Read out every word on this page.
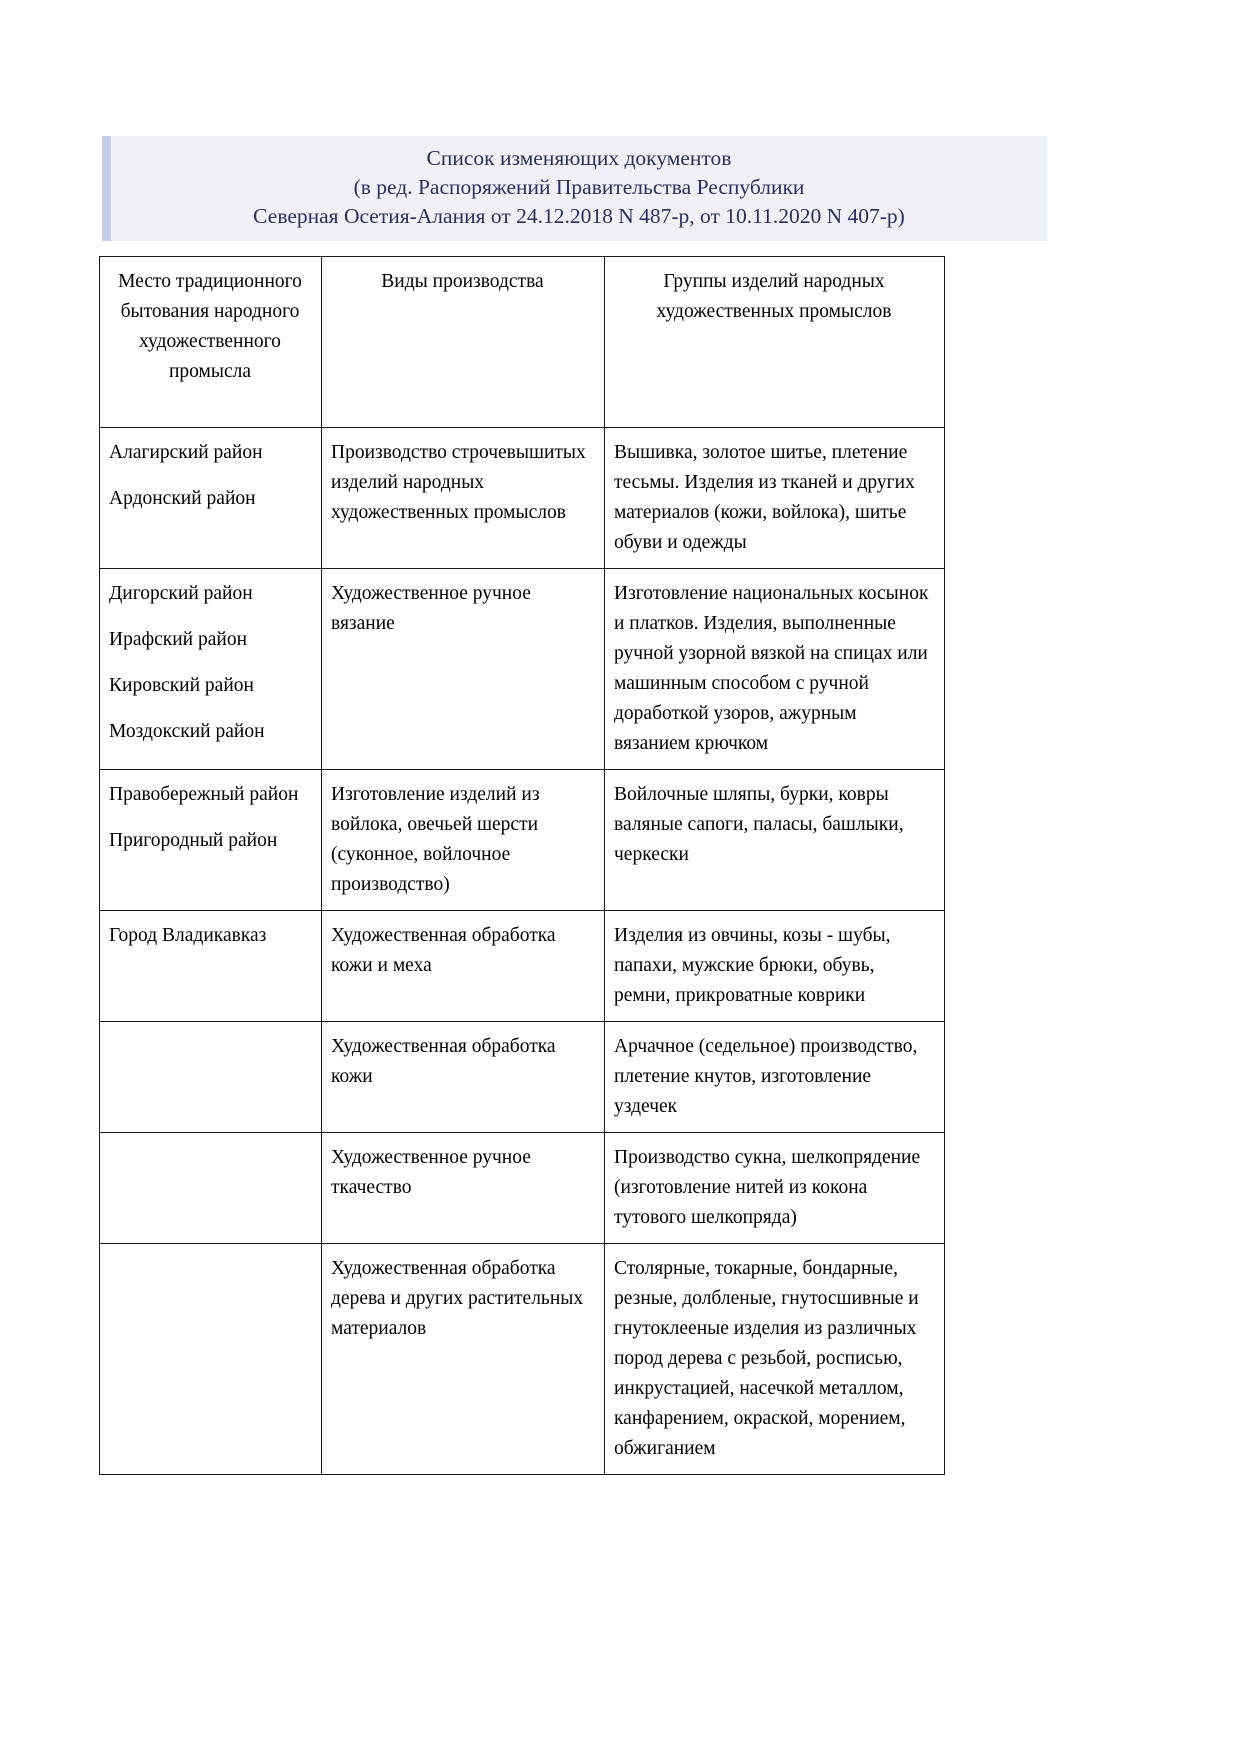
Список изменяющих документов
(в ред. Распоряжений Правительства Республики
Северная Осетия-Алания от 24.12.2018 N 487-р, от 10.11.2020 N 407-р)
Место традиционного бытования народного художественного промысла	Виды производства	Группы изделий народных художественных промыслов

Алагирский район
Ардонский район	Производство строчевышитых изделий народных художественных промыслов	Вышивка, золотое шитье, плетение тесьмы. Изделия из тканей и других материалов (кожи, войлока), шитье обуви и одежды

Дигорский район
Ирафский район
Кировский район
Моздокский район	Художественное ручное вязание	Изготовление национальных косынок и платков. Изделия, выполненные ручной узорной вязкой на спицах или машинным способом с ручной доработкой узоров, ажурным вязанием крючком

Правобережный район
Пригородный район	Изготовление изделий из войлока, овечьей шерсти (суконное, войлочное производство)	Войлочные шляпы, бурки, ковры валяные сапоги, паласы, башлыки, черкески

Город Владикавказ	Художественная обработка кожи и меха	Изделия из овчины, козы - шубы, папахи, мужские брюки, обувь, ремни, прикроватные коврики
	Художественная обработка кожи	Арчачное (седельное) производство, плетение кнутов, изготовление уздечек
	Художественное ручное ткачество	Производство сукна, шелкопрядение (изготовление нитей из кокона тутового шелкопряда)
	Художественная обработка дерева и других растительных материалов	Столярные, токарные, бондарные, резные, долбленые, гнутосшивные и гнутоклееные изделия из различных пород дерева с резьбой, росписью, инкрустацией, насечкой металлом, канфарением, окраской, морением, обжиганием
